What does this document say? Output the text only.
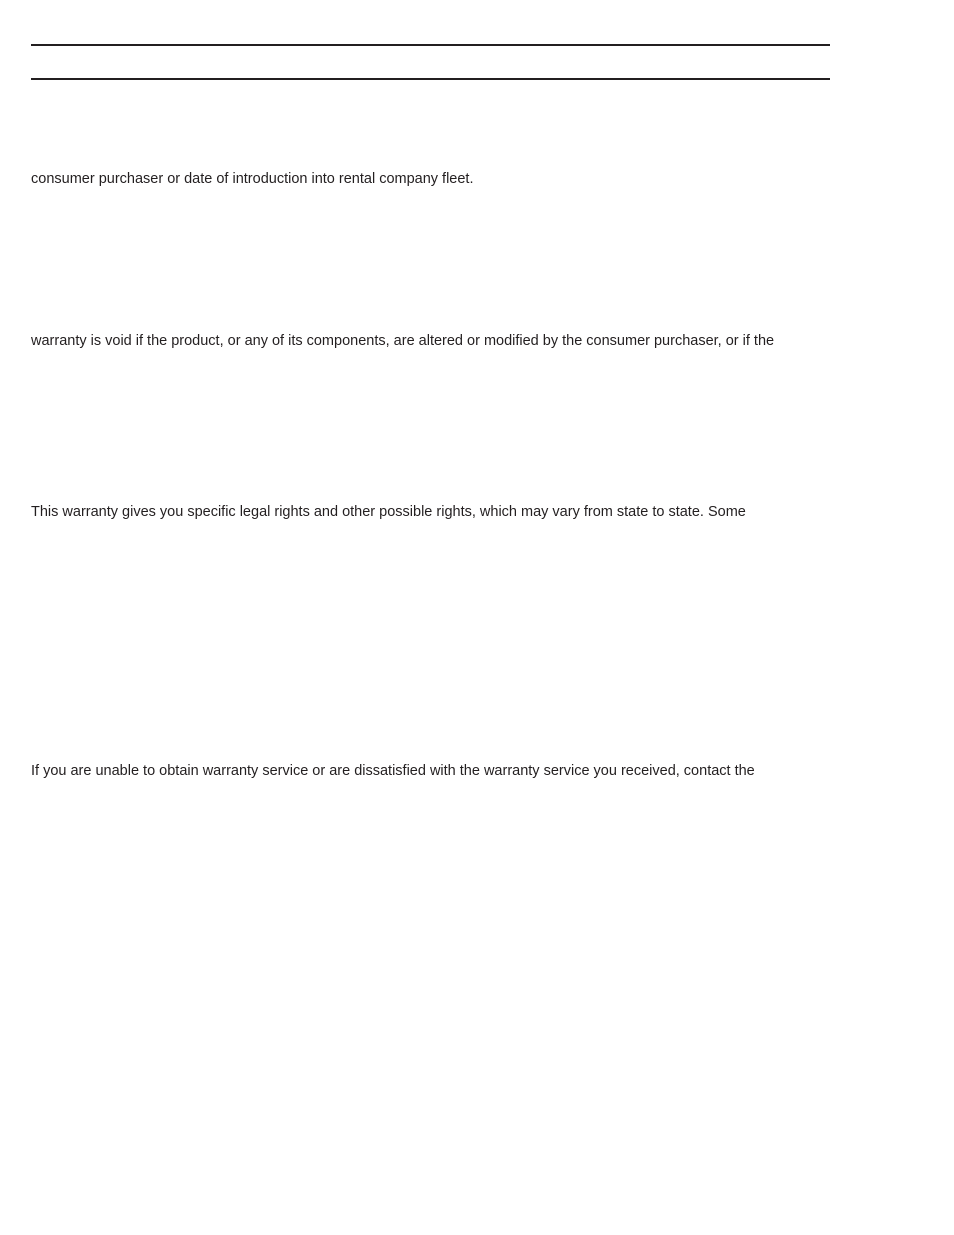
consumer purchaser or date of introduction into rental company fleet.

warranty is void if the product, or any of its components, are altered or modified by the consumer purchaser, or if the

This warranty gives you specific legal rights and other possible rights, which may vary from state to state. Some

If you are unable to obtain warranty service or are dissatisfied with the warranty service you received, contact the
